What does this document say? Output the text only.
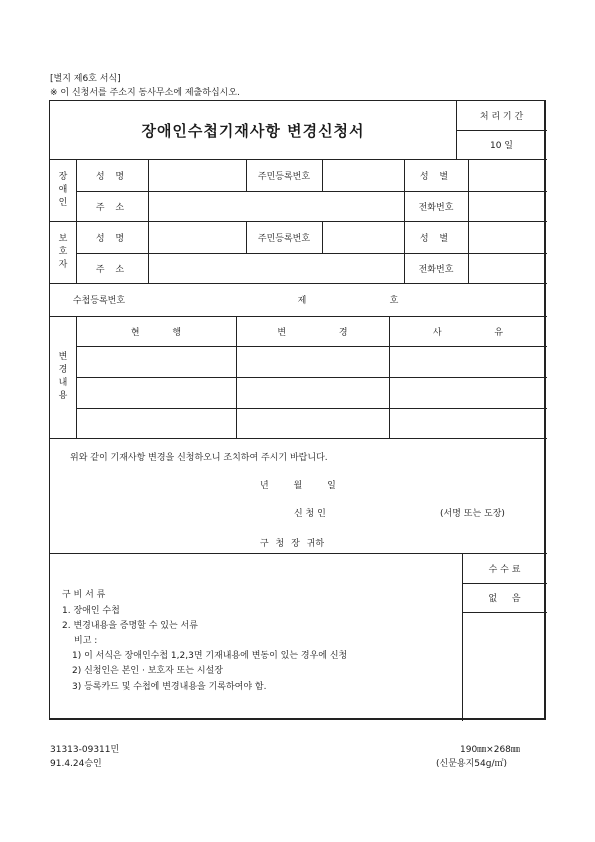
[별지 제6호 서식]
※ 이 신청서를 주소지 동사무소에 제출하십시오.
장애인수첩기재사항 변경신청서
처 리 기 간
10 일
장
애
인
성 명	주민등록번호	성 별
주 소	전화번호
보
호
자
성 명	주민등록번호	성 별
주 소	전화번호
수첩등록번호	제	호
변
경
내
용
현 행	변 경	사 유
위와 같이 기재사항 변경을 신청하오니 조치하여 주시기 바랍니다.
년 월 일
신 청 인	(서명 또는 도장)
구 청 장 귀하
수 수 료
없 음
구 비 서 류
1. 장애인 수첩
2. 변경내용을 증명할 수 있는 서류
비고 :
1) 이 서식은 장애인수첩 1,2,3면 기재내용에 변동이 있는 경우에 신청
2) 신청인은 본인 · 보호자 또는 시설장
3) 등록카드 및 수첩에 변경내용을 기록하여야 함.
31313-09311민
91.4.24승인
190㎜×268㎜
(신문용지54g/㎡)
